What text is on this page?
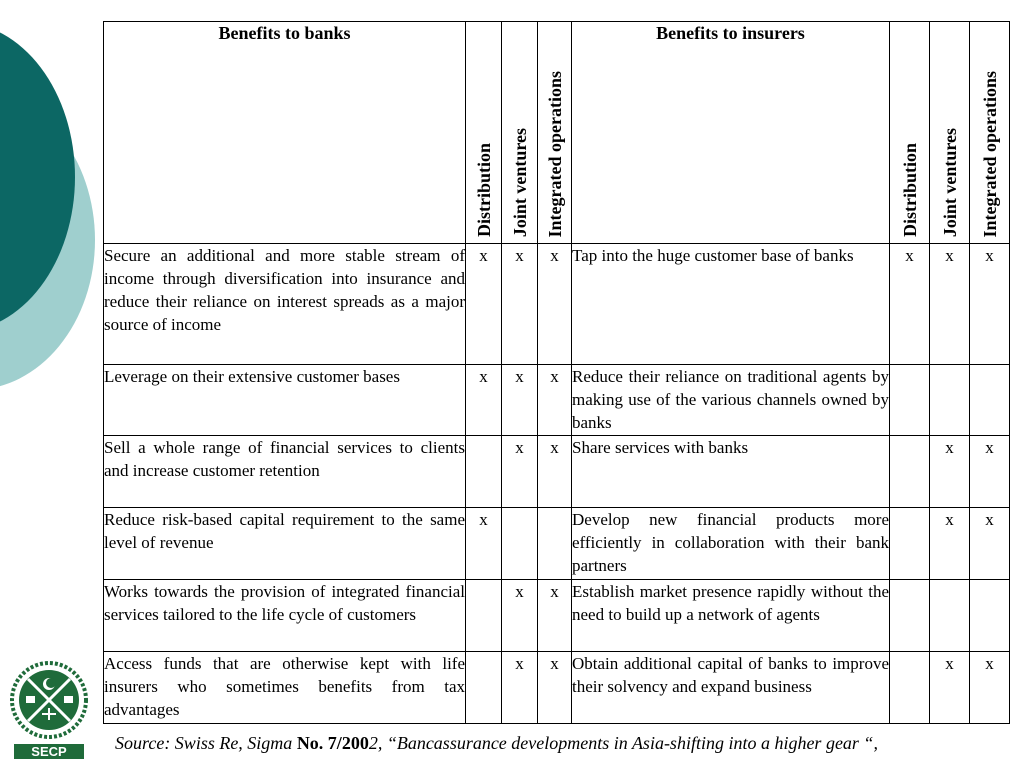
Benefits to banks	Distribution	Joint ventures	Integrated operations	Benefits to insurers	Distribution	Joint ventures	Integrated operations

Secure an additional and more stable stream of income through diversification into insurance and reduce their reliance on interest spreads as a major source of income	x	x	x	Tap into the huge customer base of banks	x	x	x
Leverage on their extensive customer bases	x	x	x	Reduce their reliance on traditional agents by making use of the various channels owned by banks			
Sell a whole range of financial services to clients and increase customer retention		x	x	Share services with banks		x	x
Reduce risk-based capital requirement to the same level of revenue	x			Develop new financial products more efficiently in collaboration with their bank partners		x	x
Works towards the provision of integrated financial services tailored to the life cycle of customers		x	x	Establish market presence rapidly without the need to build up a network of agents			
Access funds that are otherwise kept with life insurers who sometimes benefits from tax advantages		x	x	Obtain additional capital of banks to improve their solvency and expand business		x	x
SECP	Source: Swiss Re, Sigma No. 7/2002, “Bancassurance developments in Asia-shifting into a higher gear “,
